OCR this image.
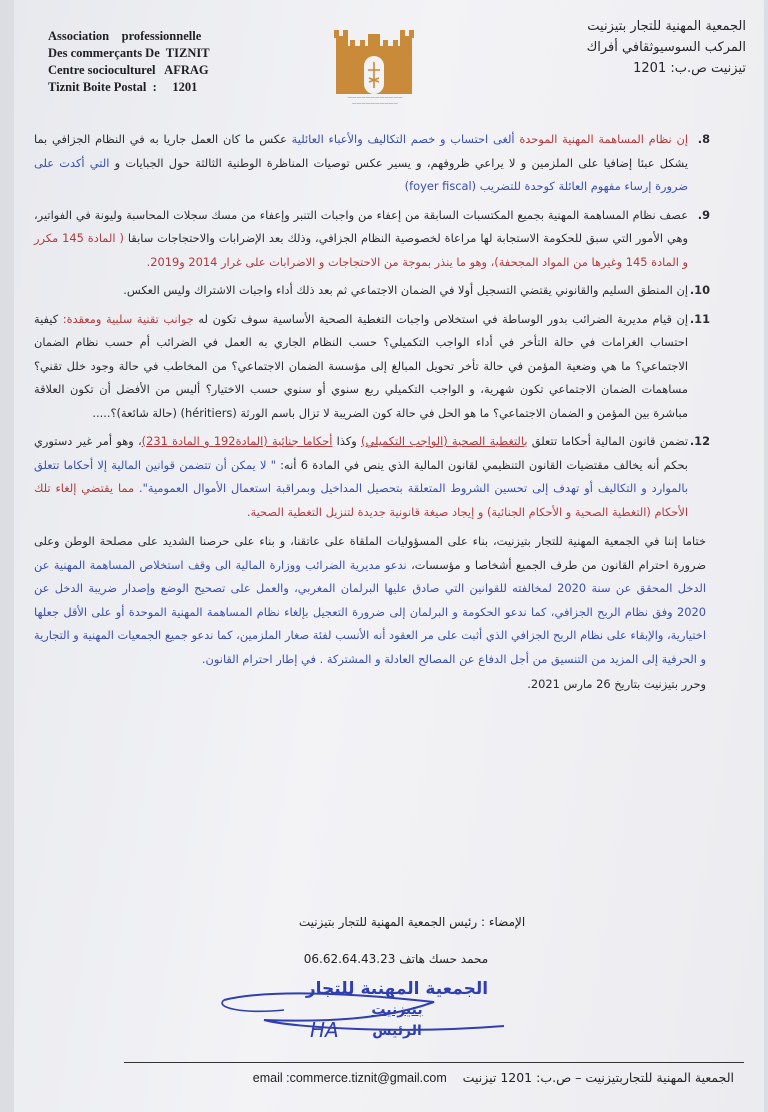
Association    professionnelle
Des commerçants De  TIZNIT
Centre socioculturel   AFRAG
Tiznit Boite Postal  :     1201
————————————
——————————
الجمعية المهنية للتجار بتيزنيت
المركب السوسيوثقافي أفراك
تيزنيت ص.ب: 1201
8.
إن نظام المساهمة المهنية الموحدة ألغى احتساب و خصم التكاليف والأعباء العائلية عكس ما كان العمل جاريا به في النظام الجزافي بما يشكل عبئا إضافيا على الملزمين و لا يراعي ظروفهم، و يسير عكس توصيات المناظرة الوطنية الثالثة حول الجبايات و التي أكدت على ضرورة إرساء مفهوم العائلة كوحدة للتضريب (foyer fiscal)
9.
عصف نظام المساهمة المهنية بجميع المكتسبات السابقة من إعفاء من واجبات التنبر وإعفاء من مسك سجلات المحاسبة وليونة في الفواتير، وهي الأمور التي سبق للحكومة الاستجابة لها مراعاة لخصوصية النظام الجزافي، وذلك بعد الإضرابات والاحتجاجات سابقا ( المادة 145 مكرر و المادة 145 وغيرها من المواد المجحفة)، وهو ما ينذر بموجة من الاحتجاجات و الاضرابات على غرار 2014 و2019.
10.
إن المنطق السليم والقانوني يقتضي التسجيل أولا في الضمان الاجتماعي ثم بعد ذلك أداء واجبات الاشتراك وليس العكس.
11.
إن قيام مديرية الضرائب بدور الوساطة في استخلاص واجبات التغطية الصحية الأساسية سوف تكون له جوانب تقنية سلبية ومعقدة: كيفية احتساب الغرامات في حالة التأخر في أداء الواجب التكميلي؟ حسب النظام الجاري به العمل في الضرائب أم حسب نظام الضمان الاجتماعي؟ ما هي وضعية المؤمن في حالة تأخر تحويل المبالغ إلى مؤسسة الضمان الاجتماعي؟ من المخاطب في حالة وجود خلل تقني؟ مساهمات الضمان الاجتماعي تكون شهرية، و الواجب التكميلي ربع سنوي أو سنوي حسب الاختيار؟ أليس من الأفضل أن تكون العلاقة مباشرة بين المؤمن و الضمان الاجتماعي؟ ما هو الحل في حالة كون الضريبة لا تزال باسم الورثة (héritiers) (حالة شائعة)؟.....
12.
تضمن قانون المالية أحكاما تتعلق بالتغطية الصحية (الواجب التكميلي) وكذا أحكاما جنائية (المادة192 و المادة 231)، وهو أمر غير دستوري بحكم أنه يخالف مقتضيات القانون التنظيمي لقانون المالية الذي ينص في المادة 6 أنه: " لا يمكن أن تتضمن قوانين المالية إلا أحكاما تتعلق بالموارد و التكاليف أو تهدف إلى تحسين الشروط المتعلقة بتحصيل المداخيل وبمراقبة استعمال الأموال العمومية". مما يقتضي إلغاء تلك الأحكام (التغطية الصحية و الأحكام الجنائية) و إيجاد صيغة قانونية جديدة لتنزيل التغطية الصحية.
ختاما إننا في الجمعية المهنية للتجار بتيزنيت، بناء على المسؤوليات الملقاة على عاتقنا، و بناء على حرصنا الشديد على مصلحة الوطن وعلى ضرورة احترام القانون من طرف الجميع أشخاصا و مؤسسات، ندعو مديرية الضرائب ووزارة المالية الى وقف استخلاص المساهمة المهنية عن الدخل المحقق عن سنة 2020 لمخالفته للقوانين التي صادق عليها البرلمان المغربي، والعمل على تصحيح الوضع وإصدار ضريبة الدخل عن 2020 وفق نظام الربح الجزافي، كما ندعو الحكومة و البرلمان إلى ضرورة التعجيل بإلغاء نظام المساهمة المهنية الموحدة أو على الأقل جعلها اختيارية، والإبقاء على نظام الربح الجزافي الذي أثبت على مر العقود أنه الأنسب لفئة صغار الملزمين، كما ندعو جميع الجمعيات المهنية و التجارية و الحرفية إلى المزيد من التنسيق من أجل الدفاع عن المصالح العادلة و المشتركة . في إطار احترام القانون.
وحرر بتيزنيت بتاريخ 26 مارس 2021.
الإمضاء : رئيس الجمعية المهنية للتجار بتيزنيت
محمد حسك هاتف 06.62.64.43.23
الجمعية المهنية للتجار
بتيزنيت
الرئيس
HA
الجمعية المهنية للتجاربتيزنيت – ص.ب: 1201 تيزنيت    email :commerce.tiznit@gmail.com
